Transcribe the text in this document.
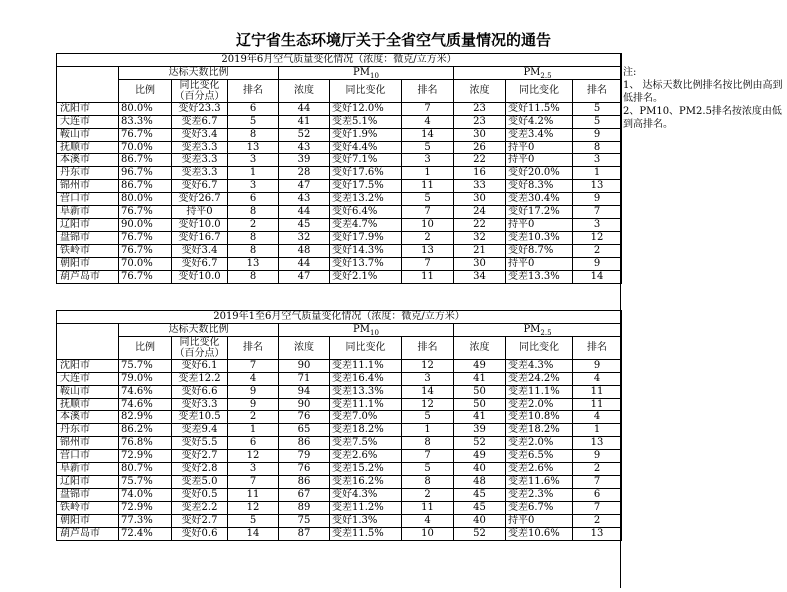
辽宁省生态环境厅关于全省空气质量情况的通告
2019年6月空气质量变化情况（浓度：微克/立方米）									
	达标天数比例			$PM_{10}$			$PM_{2.5}$
	比例	同比变化（百分点）	排名	浓度	同比变化	排名	浓度	同比变化	排名
沈阳市	80.0%	变好23.3	6	44	变好12.0%	7	23	变好11.5%	5
大连市	83.3%	变差6.7	5	41	变差5.1%	4	23	变好4.2%	5
鞍山市	76.7%	变好3.4	8	52	变好1.9%	14	30	变差3.4%	9
抚顺市	70.0%	变差3.3	13	43	变好4.4%	5	26	持平0	8
本溪市	86.7%	变差3.3	3	39	变好7.1%	3	22	持平0	3
丹东市	96.7%	变差3.3	1	28	变好17.6%	1	16	变好20.0%	1
锦州市	86.7%	变好6.7	3	47	变好17.5%	11	33	变好8.3%	13
营口市	80.0%	变好26.7	6	43	变差13.2%	5	30	变差30.4%	9
阜新市	76.7%	持平0	8	44	变好6.4%	7	24	变好17.2%	7
辽阳市	90.0%	变好10.0	2	45	变差4.7%	10	22	持平0	3
盘锦市	76.7%	变好16.7	8	32	变好17.9%	2	32	变差10.3%	12
铁岭市	76.7%	变好3.4	8	48	变好14.3%	13	21	变好8.7%	2
朝阳市	70.0%	变好6.7	13	44	变好13.7%	7	30	持平0	9
葫芦岛市	76.7%	变好10.0	8	47	变好2.1%	11	34	变差13.3%	14
2019年1至6月空气质量变化情况（浓度：微克/立方米）									
	达标天数比例			$PM_{10}$			$PM_{2.5}$
	比例	同比变化（百分点）	排名	浓度	同比变化	排名	浓度	同比变化	排名
沈阳市	75.7%	变好6.1	7	90	变差11.1%	12	49	变差4.3%	9
大连市	79.0%	变差12.2	4	71	变差16.4%	3	41	变差24.2%	4
鞍山市	74.6%	变好6.6	9	94	变差13.3%	14	50	变差11.1%	11
抚顺市	74.6%	变好3.3	9	90	变差11.1%	12	50	变差2.0%	11
本溪市	82.9%	变差10.5	2	76	变差7.0%	5	41	变差10.8%	4
丹东市	86.2%	变差9.4	1	65	变差18.2%	1	39	变差18.2%	1
锦州市	76.8%	变好5.5	6	86	变差7.5%	8	52	变差2.0%	13
营口市	72.9%	变好2.7	12	79	变差2.6%	7	49	变差6.5%	9
阜新市	80.7%	变好2.8	3	76	变差15.2%	5	40	变差2.6%	2
辽阳市	75.7%	变差5.0	7	86	变差16.2%	8	48	变差11.6%	7
盘锦市	74.0%	变好0.5	11	67	变好4.3%	2	45	变差2.3%	6
铁岭市	72.9%	变差2.2	12	89	变差11.2%	11	45	变差6.7%	7
朝阳市	77.3%	变好2.7	5	75	变好1.3%	4	40	持平0	2
葫芦岛市	72.4%	变好0.6	14	87	变差11.5%	10	52	变差10.6%	13
注:
1、 达标天数比例排名按比例由高到低排名。
2、PM10、PM2.5排名按浓度由低到高排名。
